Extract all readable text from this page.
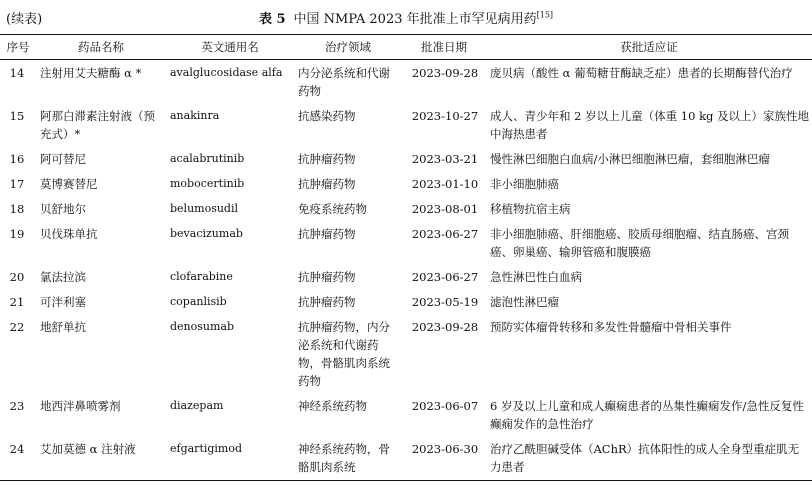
(续表)	表 5 中国 NMPA 2023 年批准上市罕见病用药[15]
序号	药品名称	英文通用名	治疗领域	批准日期	获批适应证
14	注射用艾夫糖酶 α *	avalglucosidase alfa	内分泌系统和代谢药物	2023-09-28	庞贝病（酸性 α 葡萄糖苷酶缺乏症）患者的长期酶替代治疗
15	阿那白滞素注射液（预充式）*	anakinra	抗感染药物	2023-10-27	成人、青少年和 2 岁以上儿童（体重 10 kg 及以上）家族性地中海热患者
16	阿可替尼	acalabrutinib	抗肿瘤药物	2023-03-21	慢性淋巴细胞白血病/小淋巴细胞淋巴瘤，套细胞淋巴瘤
17	莫博赛替尼	mobocertinib	抗肿瘤药物	2023-01-10	非小细胞肺癌
18	贝舒地尔	belumosudil	免疫系统药物	2023-08-01	移植物抗宿主病
19	贝伐珠单抗	bevacizumab	抗肿瘤药物	2023-06-27	非小细胞肺癌、肝细胞癌、胶质母细胞瘤、结直肠癌、宫颈癌、卵巢癌、输卵管癌和腹膜癌
20	氯法拉滨	clofarabine	抗肿瘤药物	2023-06-27	急性淋巴性白血病
21	可泮利塞	copanlisib	抗肿瘤药物	2023-05-19	滤泡性淋巴瘤
22	地舒单抗	denosumab	抗肿瘤药物，内分泌系统和代谢药物，骨骼肌肉系统药物	2023-09-28	预防实体瘤骨转移和多发性骨髓瘤中骨相关事件
23	地西泮鼻喷雾剂	diazepam	神经系统药物	2023-06-07	6 岁及以上儿童和成人癫痫患者的丛集性癫痫发作/急性反复性癫痫发作的急性治疗
24	艾加莫德 α 注射液	efgartigimod	神经系统药物，骨骼肌肉系统	2023-06-30	治疗乙酰胆碱受体（AChR）抗体阳性的成人全身型重症肌无力患者
